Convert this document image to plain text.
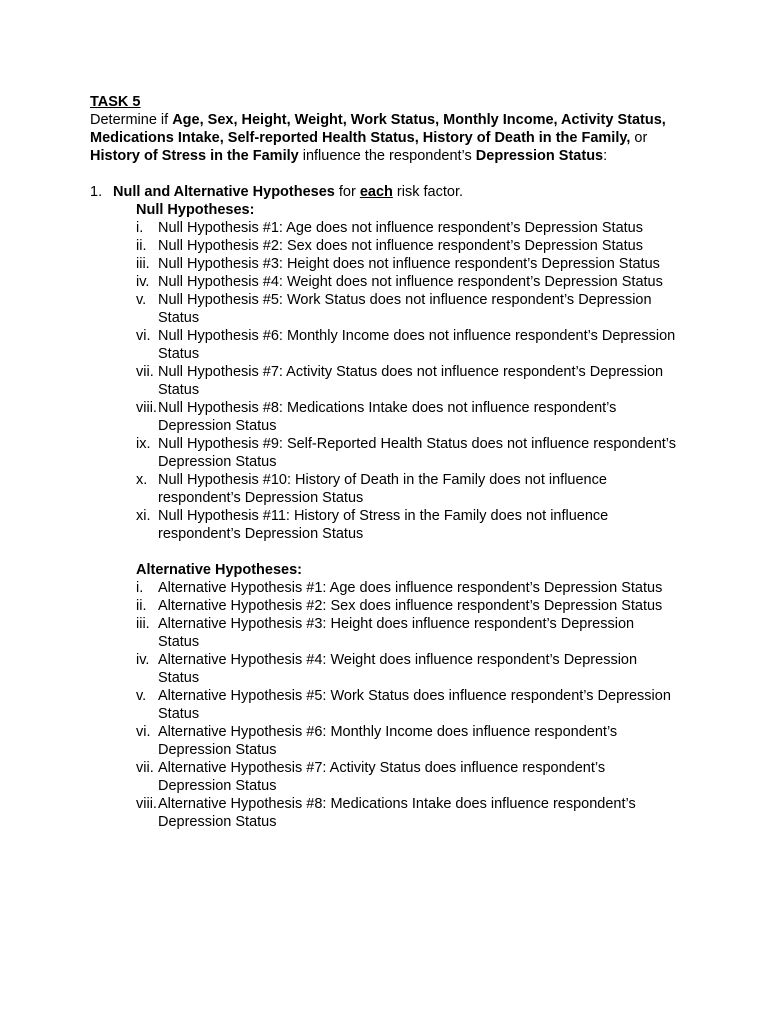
TASK 5

Determine if Age, Sex, Height, Weight, Work Status, Monthly Income, Activity Status, Medications Intake, Self-reported Health Status, History of Death in the Family, or History of Stress in the Family influence the respondent’s Depression Status:

1. Null and Alternative Hypotheses for each risk factor.
Null Hypotheses:
i. Null Hypothesis #1: Age does not influence respondent’s Depression Status
ii. Null Hypothesis #2: Sex does not influence respondent’s Depression Status
iii. Null Hypothesis #3: Height does not influence respondent’s Depression Status
iv. Null Hypothesis #4: Weight does not influence respondent’s Depression Status
v. Null Hypothesis #5: Work Status does not influence respondent’s Depression Status
vi. Null Hypothesis #6: Monthly Income does not influence respondent’s Depression Status
vii. Null Hypothesis #7: Activity Status does not influence respondent’s Depression Status
viii. Null Hypothesis #8: Medications Intake does not influence respondent’s Depression Status
ix. Null Hypothesis #9: Self-Reported Health Status does not influence respondent’s Depression Status
x. Null Hypothesis #10: History of Death in the Family does not influence respondent’s Depression Status
xi. Null Hypothesis #11: History of Stress in the Family does not influence respondent’s Depression Status
Alternative Hypotheses:
i. Alternative Hypothesis #1: Age does influence respondent’s Depression Status
ii. Alternative Hypothesis #2: Sex does influence respondent’s Depression Status
iii. Alternative Hypothesis #3: Height does influence respondent’s Depression Status
iv. Alternative Hypothesis #4: Weight does influence respondent’s Depression Status
v. Alternative Hypothesis #5: Work Status does influence respondent’s Depression Status
vi. Alternative Hypothesis #6: Monthly Income does influence respondent’s Depression Status
vii. Alternative Hypothesis #7: Activity Status does influence respondent’s Depression Status
viii. Alternative Hypothesis #8: Medications Intake does influence respondent’s Depression Status
